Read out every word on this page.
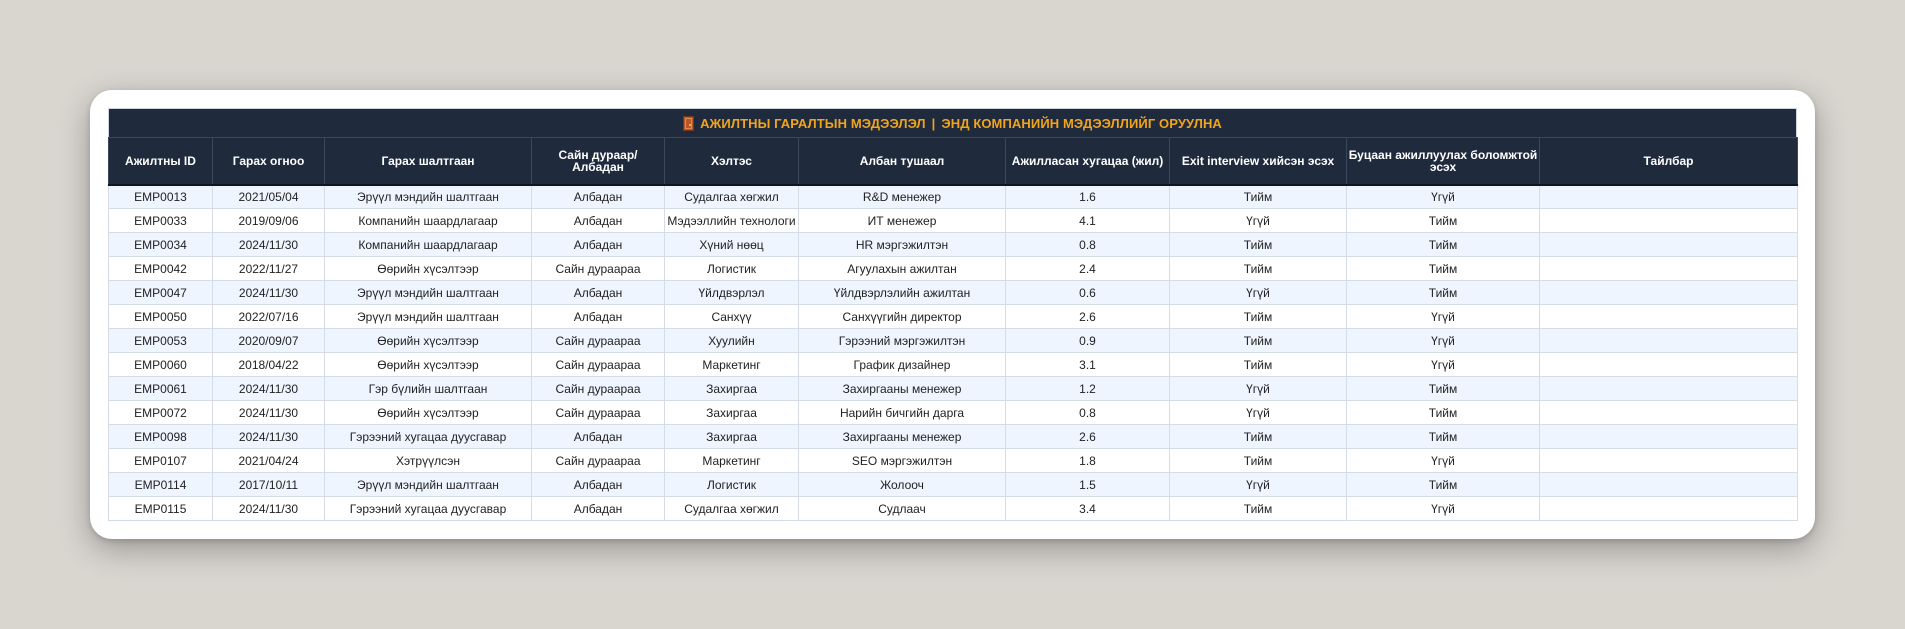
АЖИЛТНЫ ГАРАЛТЫН МЭДЭЭЛЭЛ | ЭНД КОМПАНИЙН МЭДЭЭЛЛИЙГ ОРУУЛНА
Ажилтны ID	Гарах огноо	Гарах шалтгаан	Сайн дураар/Албадан	Хэлтэс	Албан тушаал	Ажилласан хугацаа (жил)	Exit interview хийсэн эсэх	Буцаан ажиллуулах боломжтой эсэх	Тайлбар
EMP0013	2021/05/04	Эрүүл мэндийн шалтгаан	Албадан	Судалгаа хөгжил	R&D менежер	1.6	Тийм	Үгүй	
EMP0033	2019/09/06	Компанийн шаардлагаар	Албадан	Мэдээллийн технологи	ИТ менежер	4.1	Үгүй	Тийм	
EMP0034	2024/11/30	Компанийн шаардлагаар	Албадан	Хүний нөөц	HR мэргэжилтэн	0.8	Тийм	Тийм	
EMP0042	2022/11/27	Өөрийн хүсэлтээр	Сайн дураараа	Логистик	Агуулахын ажилтан	2.4	Тийм	Тийм	
EMP0047	2024/11/30	Эрүүл мэндийн шалтгаан	Албадан	Үйлдвэрлэл	Үйлдвэрлэлийн ажилтан	0.6	Үгүй	Тийм	
EMP0050	2022/07/16	Эрүүл мэндийн шалтгаан	Албадан	Санхүү	Санхүүгийн директор	2.6	Тийм	Үгүй	
EMP0053	2020/09/07	Өөрийн хүсэлтээр	Сайн дураараа	Хуулийн	Гэрээний мэргэжилтэн	0.9	Тийм	Үгүй	
EMP0060	2018/04/22	Өөрийн хүсэлтээр	Сайн дураараа	Маркетинг	График дизайнер	3.1	Тийм	Үгүй	
EMP0061	2024/11/30	Гэр бүлийн шалтгаан	Сайн дураараа	Захиргаа	Захиргааны менежер	1.2	Үгүй	Тийм	
EMP0072	2024/11/30	Өөрийн хүсэлтээр	Сайн дураараа	Захиргаа	Нарийн бичгийн дарга	0.8	Үгүй	Тийм	
EMP0098	2024/11/30	Гэрээний хугацаа дуусгавар	Албадан	Захиргаа	Захиргааны менежер	2.6	Тийм	Тийм	
EMP0107	2021/04/24	Хэтрүүлсэн	Сайн дураараа	Маркетинг	SEO мэргэжилтэн	1.8	Тийм	Үгүй	
EMP0114	2017/10/11	Эрүүл мэндийн шалтгаан	Албадан	Логистик	Жолооч	1.5	Үгүй	Тийм	
EMP0115	2024/11/30	Гэрээний хугацаа дуусгавар	Албадан	Судалгаа хөгжил	Судлаач	3.4	Тийм	Үгүй	
